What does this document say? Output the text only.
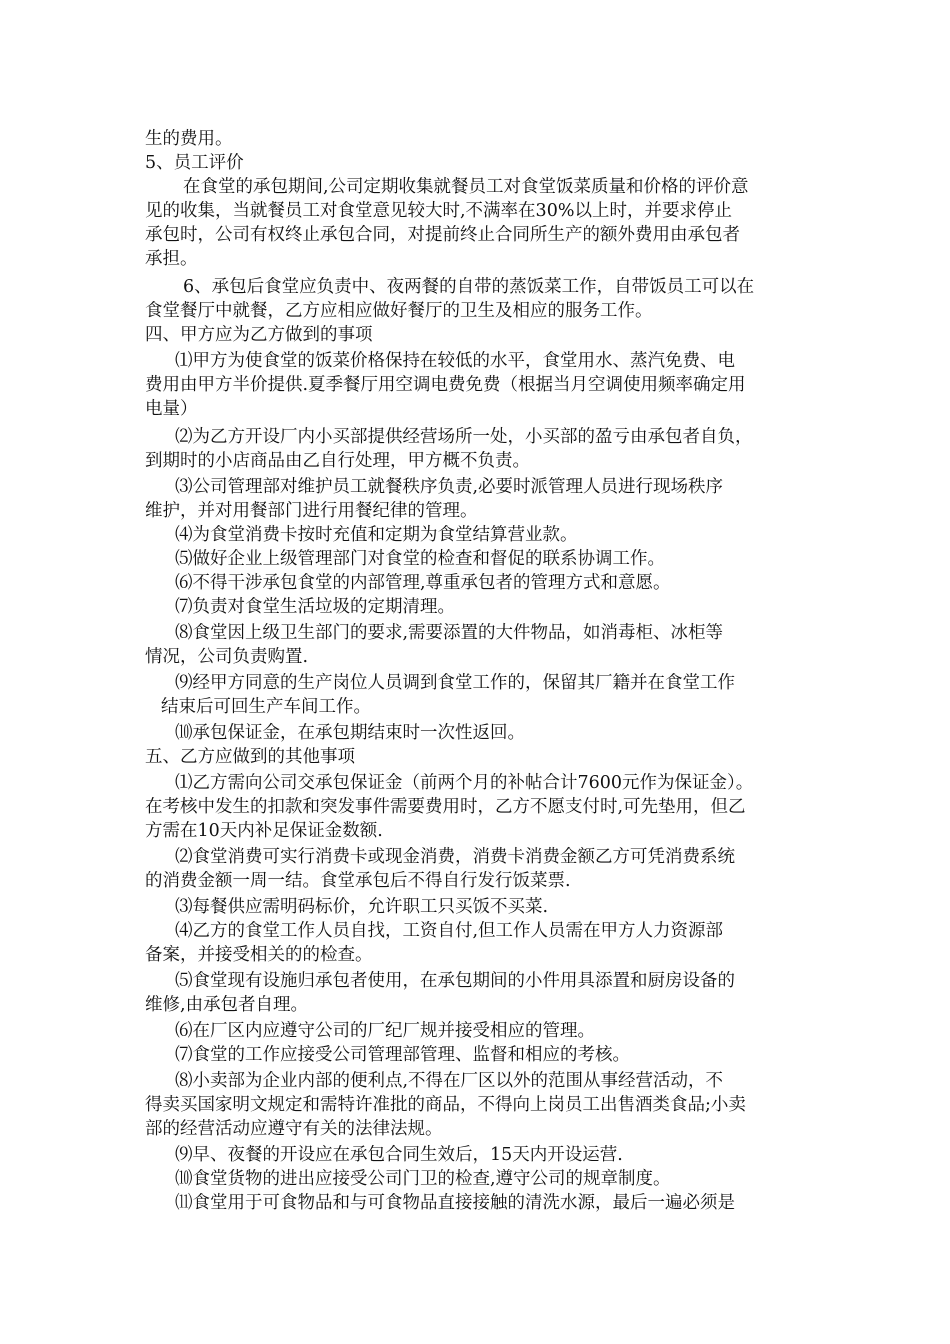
生的费用。
5、员工评价
在食堂的承包期间,公司定期收集就餐员工对食堂饭菜质量和价格的评价意
见的收集，当就餐员工对食堂意见较大时,不满率在30%以上时，并要求停止
承包时，公司有权终止承包合同，对提前终止合同所生产的额外费用由承包者
承担。
6、承包后食堂应负责中、夜两餐的自带的蒸饭菜工作，自带饭员工可以在
食堂餐厅中就餐，乙方应相应做好餐厅的卫生及相应的服务工作。
四、甲方应为乙方做到的事项
⑴甲方为使食堂的饭菜价格保持在较低的水平，食堂用水、蒸汽免费、电
费用由甲方半价提供.夏季餐厅用空调电费免费（根据当月空调使用频率确定用
电量）
⑵为乙方开设厂内小买部提供经营场所一处，小买部的盈亏由承包者自负，
到期时的小店商品由乙自行处理，甲方概不负责。
⑶公司管理部对维护员工就餐秩序负责,必要时派管理人员进行现场秩序
维护，并对用餐部门进行用餐纪律的管理。
⑷为食堂消费卡按时充值和定期为食堂结算营业款。
⑸做好企业上级管理部门对食堂的检查和督促的联系协调工作。
⑹不得干涉承包食堂的内部管理,尊重承包者的管理方式和意愿。
⑺负责对食堂生活垃圾的定期清理。
⑻食堂因上级卫生部门的要求,需要添置的大件物品，如消毒柜、冰柜等
情况，公司负责购置.
⑼经甲方同意的生产岗位人员调到食堂工作的，保留其厂籍并在食堂工作
结束后可回生产车间工作。
⑽承包保证金，在承包期结束时一次性返回。
五、乙方应做到的其他事项
⑴乙方需向公司交承包保证金（前两个月的补帖合计7600元作为保证金）。
在考核中发生的扣款和突发事件需要费用时，乙方不愿支付时,可先垫用，但乙
方需在10天内补足保证金数额.
⑵食堂消费可实行消费卡或现金消费，消费卡消费金额乙方可凭消费系统
的消费金额一周一结。食堂承包后不得自行发行饭菜票.
⑶每餐供应需明码标价，允许职工只买饭不买菜.
⑷乙方的食堂工作人员自找，工资自付,但工作人员需在甲方人力资源部
备案，并接受相关的的检查。
⑸食堂现有设施归承包者使用，在承包期间的小件用具添置和厨房设备的
维修,由承包者自理。
⑹在厂区内应遵守公司的厂纪厂规并接受相应的管理。
⑺食堂的工作应接受公司管理部管理、监督和相应的考核。
⑻小卖部为企业内部的便利点,不得在厂区以外的范围从事经营活动，不
得卖买国家明文规定和需特许准批的商品，不得向上岗员工出售酒类食品;小卖
部的经营活动应遵守有关的法律法规。
⑼早、夜餐的开设应在承包合同生效后，15天内开设运营.
⑽食堂货物的进出应接受公司门卫的检查,遵守公司的规章制度。
⑾食堂用于可食物品和与可食物品直接接触的清洗水源，最后一遍必须是
